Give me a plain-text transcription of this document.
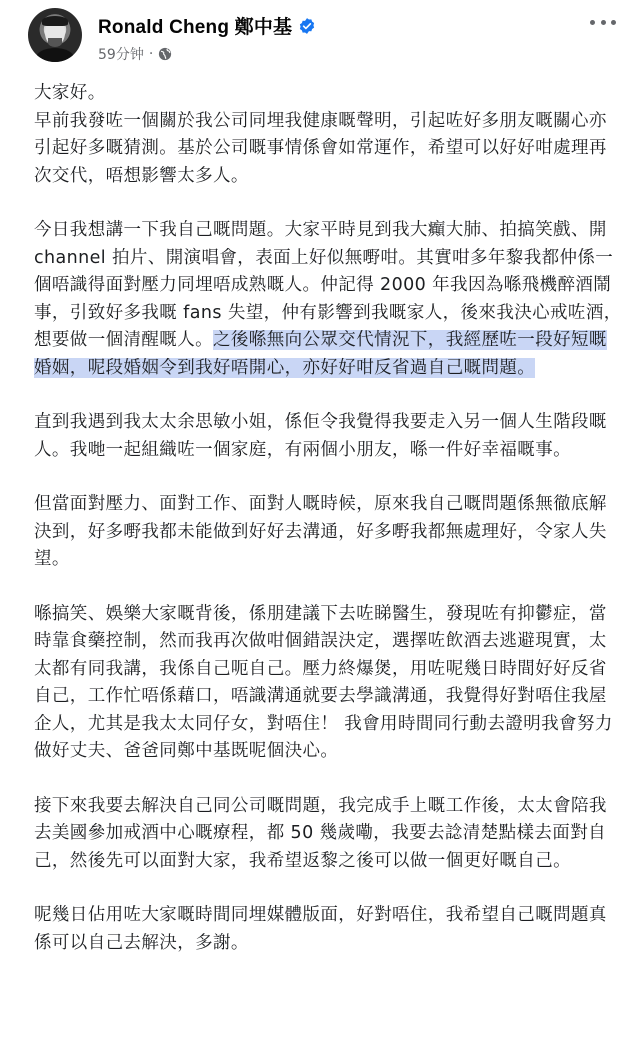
Ronald Cheng 鄭中基
59分钟 ·

大家好。

早前我發咗一個關於我公司同埋我健康嘅聲明，引起咗好多朋友嘅關心亦引起好多嘅猜測。基於公司嘅事情係會如常運作，希望可以好好咁處理再次交代，唔想影響太多人。

今日我想講一下我自己嘅問題。大家平時見到我大癲大肺、拍搞笑戲、開 channel 拍片、開演唱會，表面上好似無嘢咁。其實咁多年黎我都仲係一個唔識得面對壓力同埋唔成熟嘅人。仲記得 2000 年我因為喺飛機醉酒鬧事，引致好多我嘅 fans 失望，仲有影響到我嘅家人，後來我決心戒咗酒，想要做一個清醒嘅人。之後喺無向公眾交代情況下，我經歷咗一段好短嘅婚姻，呢段婚姻令到我好唔開心，亦好好咁反省過自己嘅問題。

直到我遇到我太太余思敏小姐，係佢令我覺得我要走入另一個人生階段嘅人。我哋一起組織咗一個家庭，有兩個小朋友，喺一件好幸福嘅事。

但當面對壓力、面對工作、面對人嘅時候，原來我自己嘅問題係無徹底解決到，好多嘢我都未能做到好好去溝通，好多嘢我都無處理好，令家人失望。

喺搞笑、娛樂大家嘅背後，係朋建議下去咗睇醫生，發現咗有抑鬱症，當時靠食藥控制，然而我再次做咁個錯誤決定，選擇咗飲酒去逃避現實，太太都有同我講，我係自己呃自己。壓力終爆煲，用咗呢幾日時間好好反省自己，工作忙唔係藉口，唔識溝通就要去學識溝通，我覺得好對唔住我屋企人，尤其是我太太同仔女，對唔住！ 我會用時間同行動去證明我會努力做好丈夫、爸爸同鄭中基既呢個決心。

接下來我要去解決自己同公司嘅問題，我完成手上嘅工作後，太太會陪我去美國參加戒酒中心嘅療程，都 50 幾歲嘞，我要去諗清楚點樣去面對自己，然後先可以面對大家，我希望返黎之後可以做一個更好嘅自己。

呢幾日佔用咗大家嘅時間同埋媒體版面，好對唔住，我希望自己嘅問題真係可以自己去解決，多謝。
